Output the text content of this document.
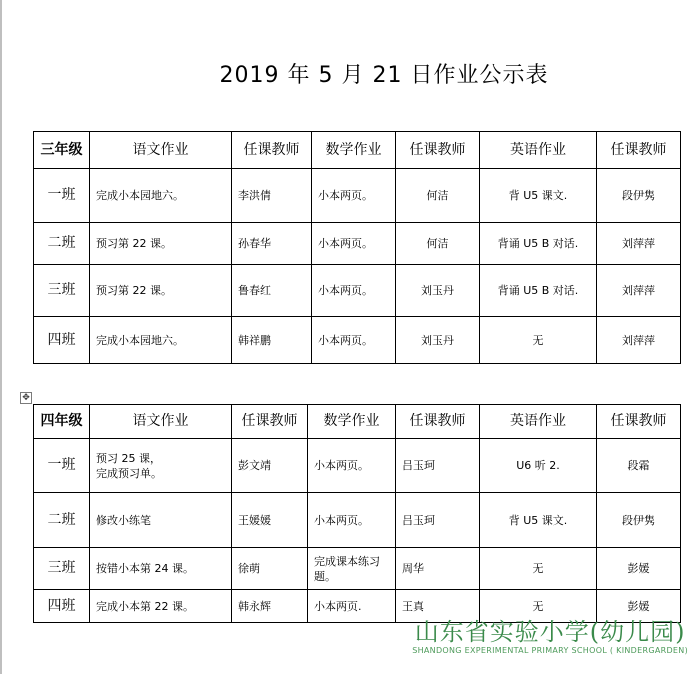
2019 年 5 月 21 日作业公示表
三年级	语文作业	任课教师	数学作业	任课教师	英语作业	任课教师
一班	完成小本园地六。	李洪倩	小本两页。	何洁	背 U5 课文.	段伊隽
二班	预习第 22 课。	孙春华	小本两页。	何洁	背诵 U5 B 对话.	刘萍萍
三班	预习第 22 课。	鲁春红	小本两页。	刘玉丹	背诵 U5 B 对话.	刘萍萍
四班	完成小本园地六。	韩祥鹏	小本两页。	刘玉丹	无	刘萍萍
✥
四年级	语文作业	任课教师	数学作业	任课教师	英语作业	任课教师
一班	预习 25 课，
完成预习单。	彭文靖	小本两页。	吕玉珂	U6 听 2.	段霜
二班	修改小练笔	王媛媛	小本两页。	吕玉珂	背 U5 课文.	段伊隽
三班	按错小本第 24 课。	徐萌	完成课本练习
题。	周华	无	彭媛
四班	完成小本第 22 课。	韩永辉	小本两页.	王真	无	彭媛
山东省实验小学(幼儿园)
SHANDONG EXPERIMENTAL PRIMARY SCHOOL ( KINDERGARDEN)
